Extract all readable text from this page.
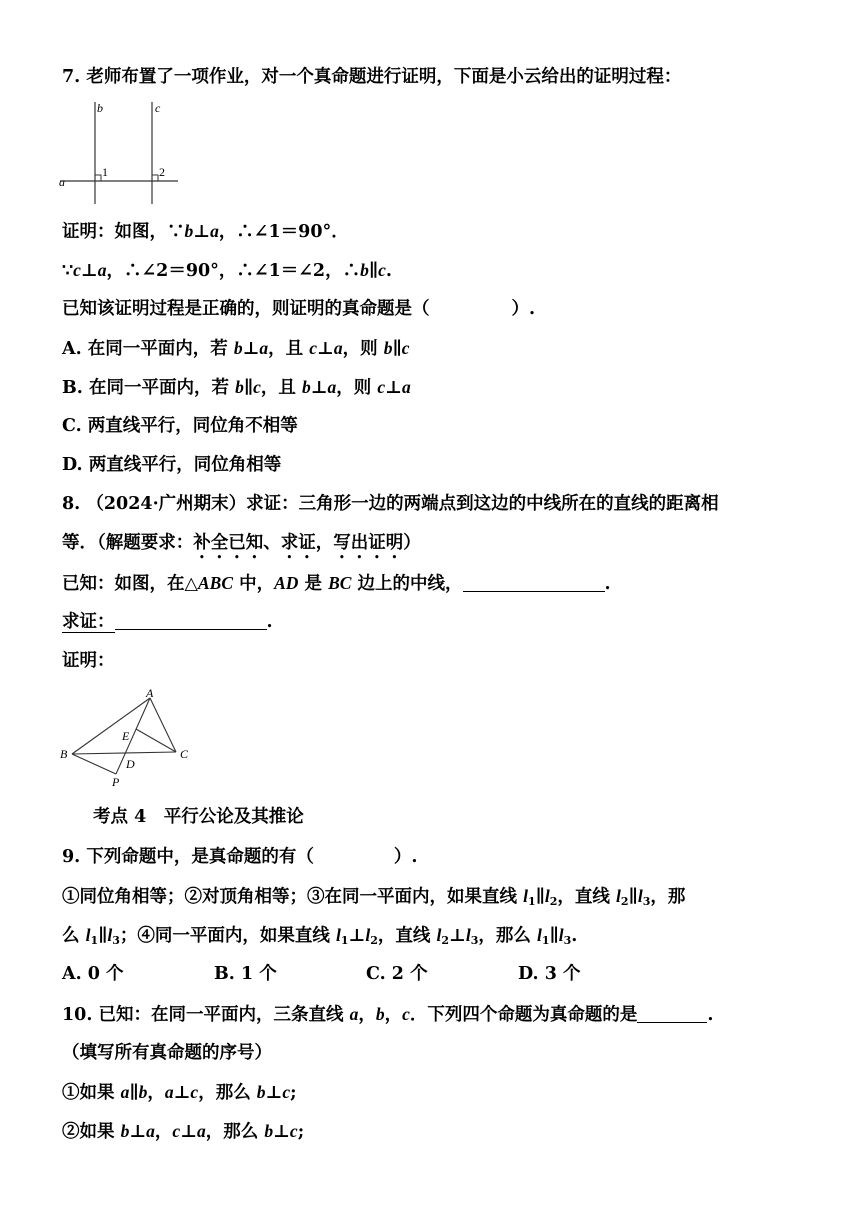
7. 老师布置了一项作业，对一个真命题进行证明，下面是小云给出的证明过程：
b	c
a
1	2
证明：如图，∵b⊥a，∴∠1＝90°．
∵c⊥a，∴∠2＝90°，∴∠1＝∠2，∴b∥c.
已知该证明过程是正确的，则证明的真命题是（	）.
A. 在同一平面内，若 b⊥a，且 c⊥a，则 b∥c
B. 在同一平面内，若 b∥c，且 b⊥a，则 c⊥a
C. 两直线平行，同位角不相等
D. 两直线平行，同位角相等
8. （2024·广州期末）求证：三角形一边的两端点到这边的中线所在的直线的距离相
等．（解题要求：补全已知、求证，写出证明）
已知：如图，在△ABC 中，AD 是 BC 边上的中线，	.
求证：	.
证明：
A
B	C
D
E
P
考点 4　平行公论及其推论
9. 下列命题中，是真命题的有（	）.
①同位角相等；②对顶角相等；③在同一平面内，如果直线 $l_1\parallel l_2$，直线 $l_2\parallel l_3$，那
么 $l_1\parallel l_3$；④同一平面内，如果直线 $l_1\perp l_2$，直线 $l_2\perp l_3$，那么 $l_1\parallel l_3$.
A. 0 个	B. 1 个	C. 2 个	D. 3 个
10. 已知：在同一平面内，三条直线 a，b，c．下列四个命题为真命题的是	.
（填写所有真命题的序号）
①如果 a∥b，a⊥c，那么 b⊥c;
②如果 b⊥a，c⊥a，那么 b⊥c;
